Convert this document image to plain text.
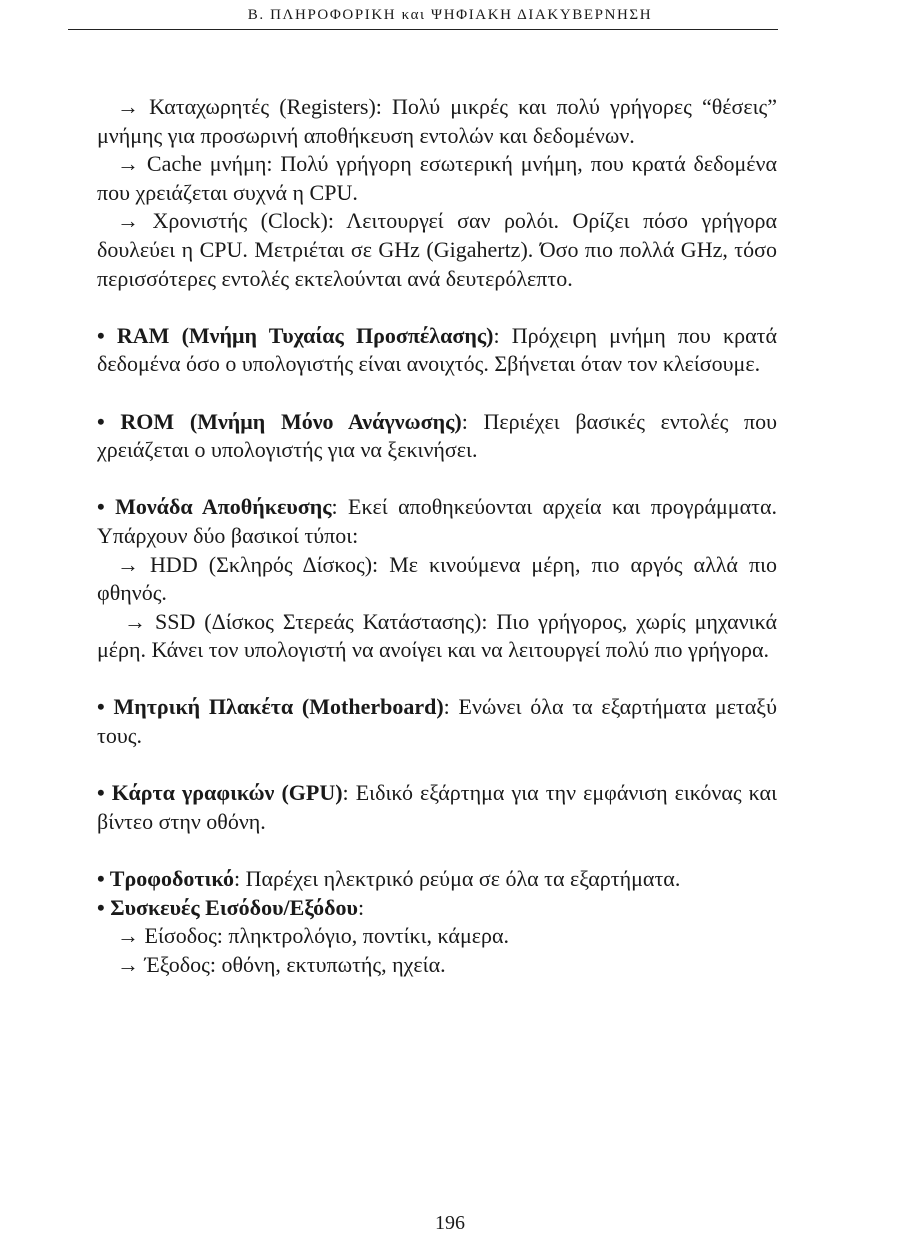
Β. ΠΛΗΡΟΦΟΡΙΚΗ και ΨΗΦΙΑΚΗ ΔΙΑΚΥΒΕΡΝΗΣΗ

→ Καταχωρητές (Registers): Πολύ μικρές και πολύ γρήγορες “θέσεις” μνήμης για προσωρινή αποθήκευση εντολών και δεδομένων.

→ Cache μνήμη: Πολύ γρήγορη εσωτερική μνήμη, που κρατά δεδομένα που χρειάζεται συχνά η CPU.

→ Χρονιστής (Clock): Λειτουργεί σαν ρολόι. Ορίζει πόσο γρήγορα δουλεύει η CPU. Μετριέται σε GHz (Gigahertz). Όσο πιο πολλά GHz, τόσο περισσότερες εντολές εκτελούνται ανά δευτερόλεπτο.

• RAM (Μνήμη Τυχαίας Προσπέλασης): Πρόχειρη μνήμη που κρατά δεδομένα όσο ο υπολογιστής είναι ανοιχτός. Σβήνεται όταν τον κλείσουμε.

• ROM (Μνήμη Μόνο Ανάγνωσης): Περιέχει βασικές εντολές που χρειάζεται ο υπολογιστής για να ξεκινήσει.

• Μονάδα Αποθήκευσης: Εκεί αποθηκεύονται αρχεία και προγράμματα. Υπάρχουν δύο βασικοί τύποι:

→ HDD (Σκληρός Δίσκος): Με κινούμενα μέρη, πιο αργός αλλά πιο φθηνός.

→ SSD (Δίσκος Στερεάς Κατάστασης): Πιο γρήγορος, χωρίς μηχανικά μέρη. Κάνει τον υπολογιστή να ανοίγει και να λειτουργεί πολύ πιο γρήγορα.

• Μητρική Πλακέτα (Motherboard): Ενώνει όλα τα εξαρτήματα μεταξύ τους.

• Κάρτα γραφικών (GPU): Ειδικό εξάρτημα για την εμφάνιση εικόνας και βίντεο στην οθόνη.

• Τροφοδοτικό: Παρέχει ηλεκτρικό ρεύμα σε όλα τα εξαρτήματα.

• Συσκευές Εισόδου/Εξόδου:

→ Είσοδος: πληκτρολόγιο, ποντίκι, κάμερα.

→ Έξοδος: οθόνη, εκτυπωτής, ηχεία.

196
